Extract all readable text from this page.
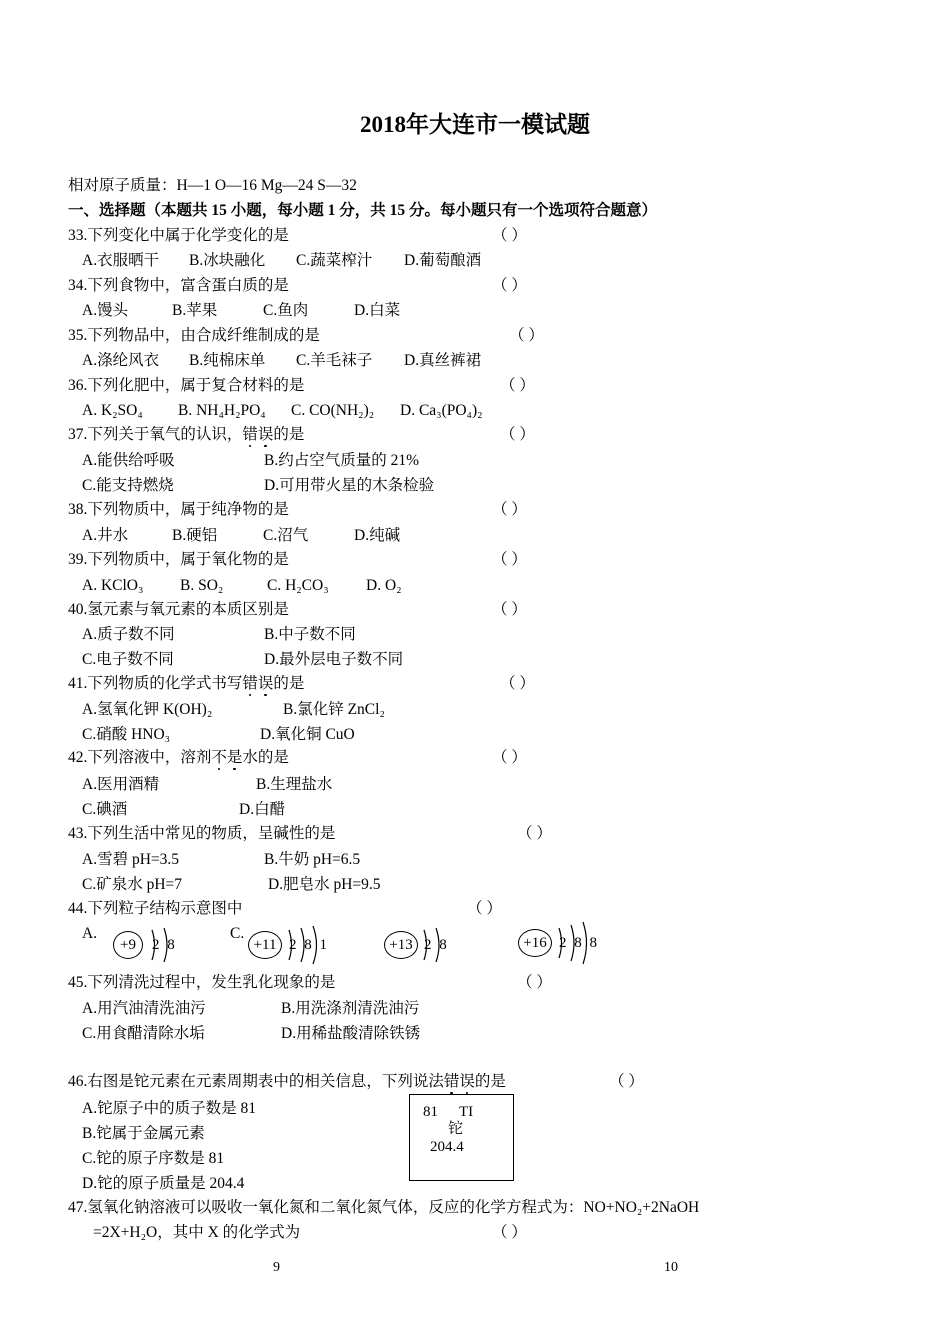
2018年大连市一模试题
相对原子质量：H—1 O—16 Mg—24 S—32
一、选择题（本题共 15 小题，每小题 1 分，共 15 分。每小题只有一个选项符合题意）
33.下列变化中属于化学变化的是	（ ）
A.衣服晒干 B.冰块融化 C.蔬菜榨汁 D.葡萄酿酒
34.下列食物中，富含蛋白质的是	（ ）
A.馒头	B.苹果	C.鱼肉	D.白菜
35.下列物品中，由合成纤维制成的是	（ ）
A.涤纶风衣 B.纯棉床单 C.羊毛袜子 D.真丝裤裙
36.下列化肥中，属于复合材料的是	（ ）
A. K₂SO₄ B. NH₄H₂PO₄ C. CO(NH₂)₂ D. Ca₃(PO₄)₂
37.下列关于氧气的认识，错误的是	（ ）
A.能供给呼吸	B.约占空气质量的 21%
C.能支持燃烧	D.可用带火星的木条检验
38.下列物质中，属于纯净物的是	（ ）
A.井水	B.硬铝	C.沼气	D.纯碱
39.下列物质中，属于氧化物的是	（ ）
A. KClO₃ B. SO₂	C. H₂CO₃ D. O₂
40.氢元素与氧元素的本质区别是	（ ）
A.质子数不同	B.中子数不同
C.电子数不同	D.最外层电子数不同
41.下列物质的化学式书写错误的是	（ ）
A.氢氧化钾 K(OH)₂	B.氯化锌 ZnCl₂
C.硝酸 HNO₃	D.氧化铜 CuO
42.下列溶液中，溶剂不是水的是	（ ）
A.医用酒精	B.生理盐水
C.碘酒	D.白醋
43.下列生活中常见的物质，呈碱性的是	（ ）
A.雪碧 pH=3.5	B.牛奶 pH=6.5
C.矿泉水 pH=7	D.肥皂水 pH=9.5
44.下列粒子结构示意图中	（ ）
A.	C.
+9	2 8	+11 2 8 1	+13 2 8	+16 2 8 8
45.下列清洗过程中，发生乳化现象的是	（ ）
A.用汽油清洗油污	B.用洗涤剂清洗油污
C.用食醋清除水垢	D.用稀盐酸清除铁锈
46.右图是铊元素在元素周期表中的相关信息，下列说法错误的是	（ ）
A.铊原子中的质子数是 81
B.铊属于金属元素
C.铊的原子序数是 81
D.铊的原子质量是 204.4
81 TI
铊
204.4
47.氢氧化钠溶液可以吸收一氧化氮和二氧化氮气体，反应的化学方程式为：NO+NO₂+2NaOH
=2X+H₂O，其中 X 的化学式为	（ ）
9	10
